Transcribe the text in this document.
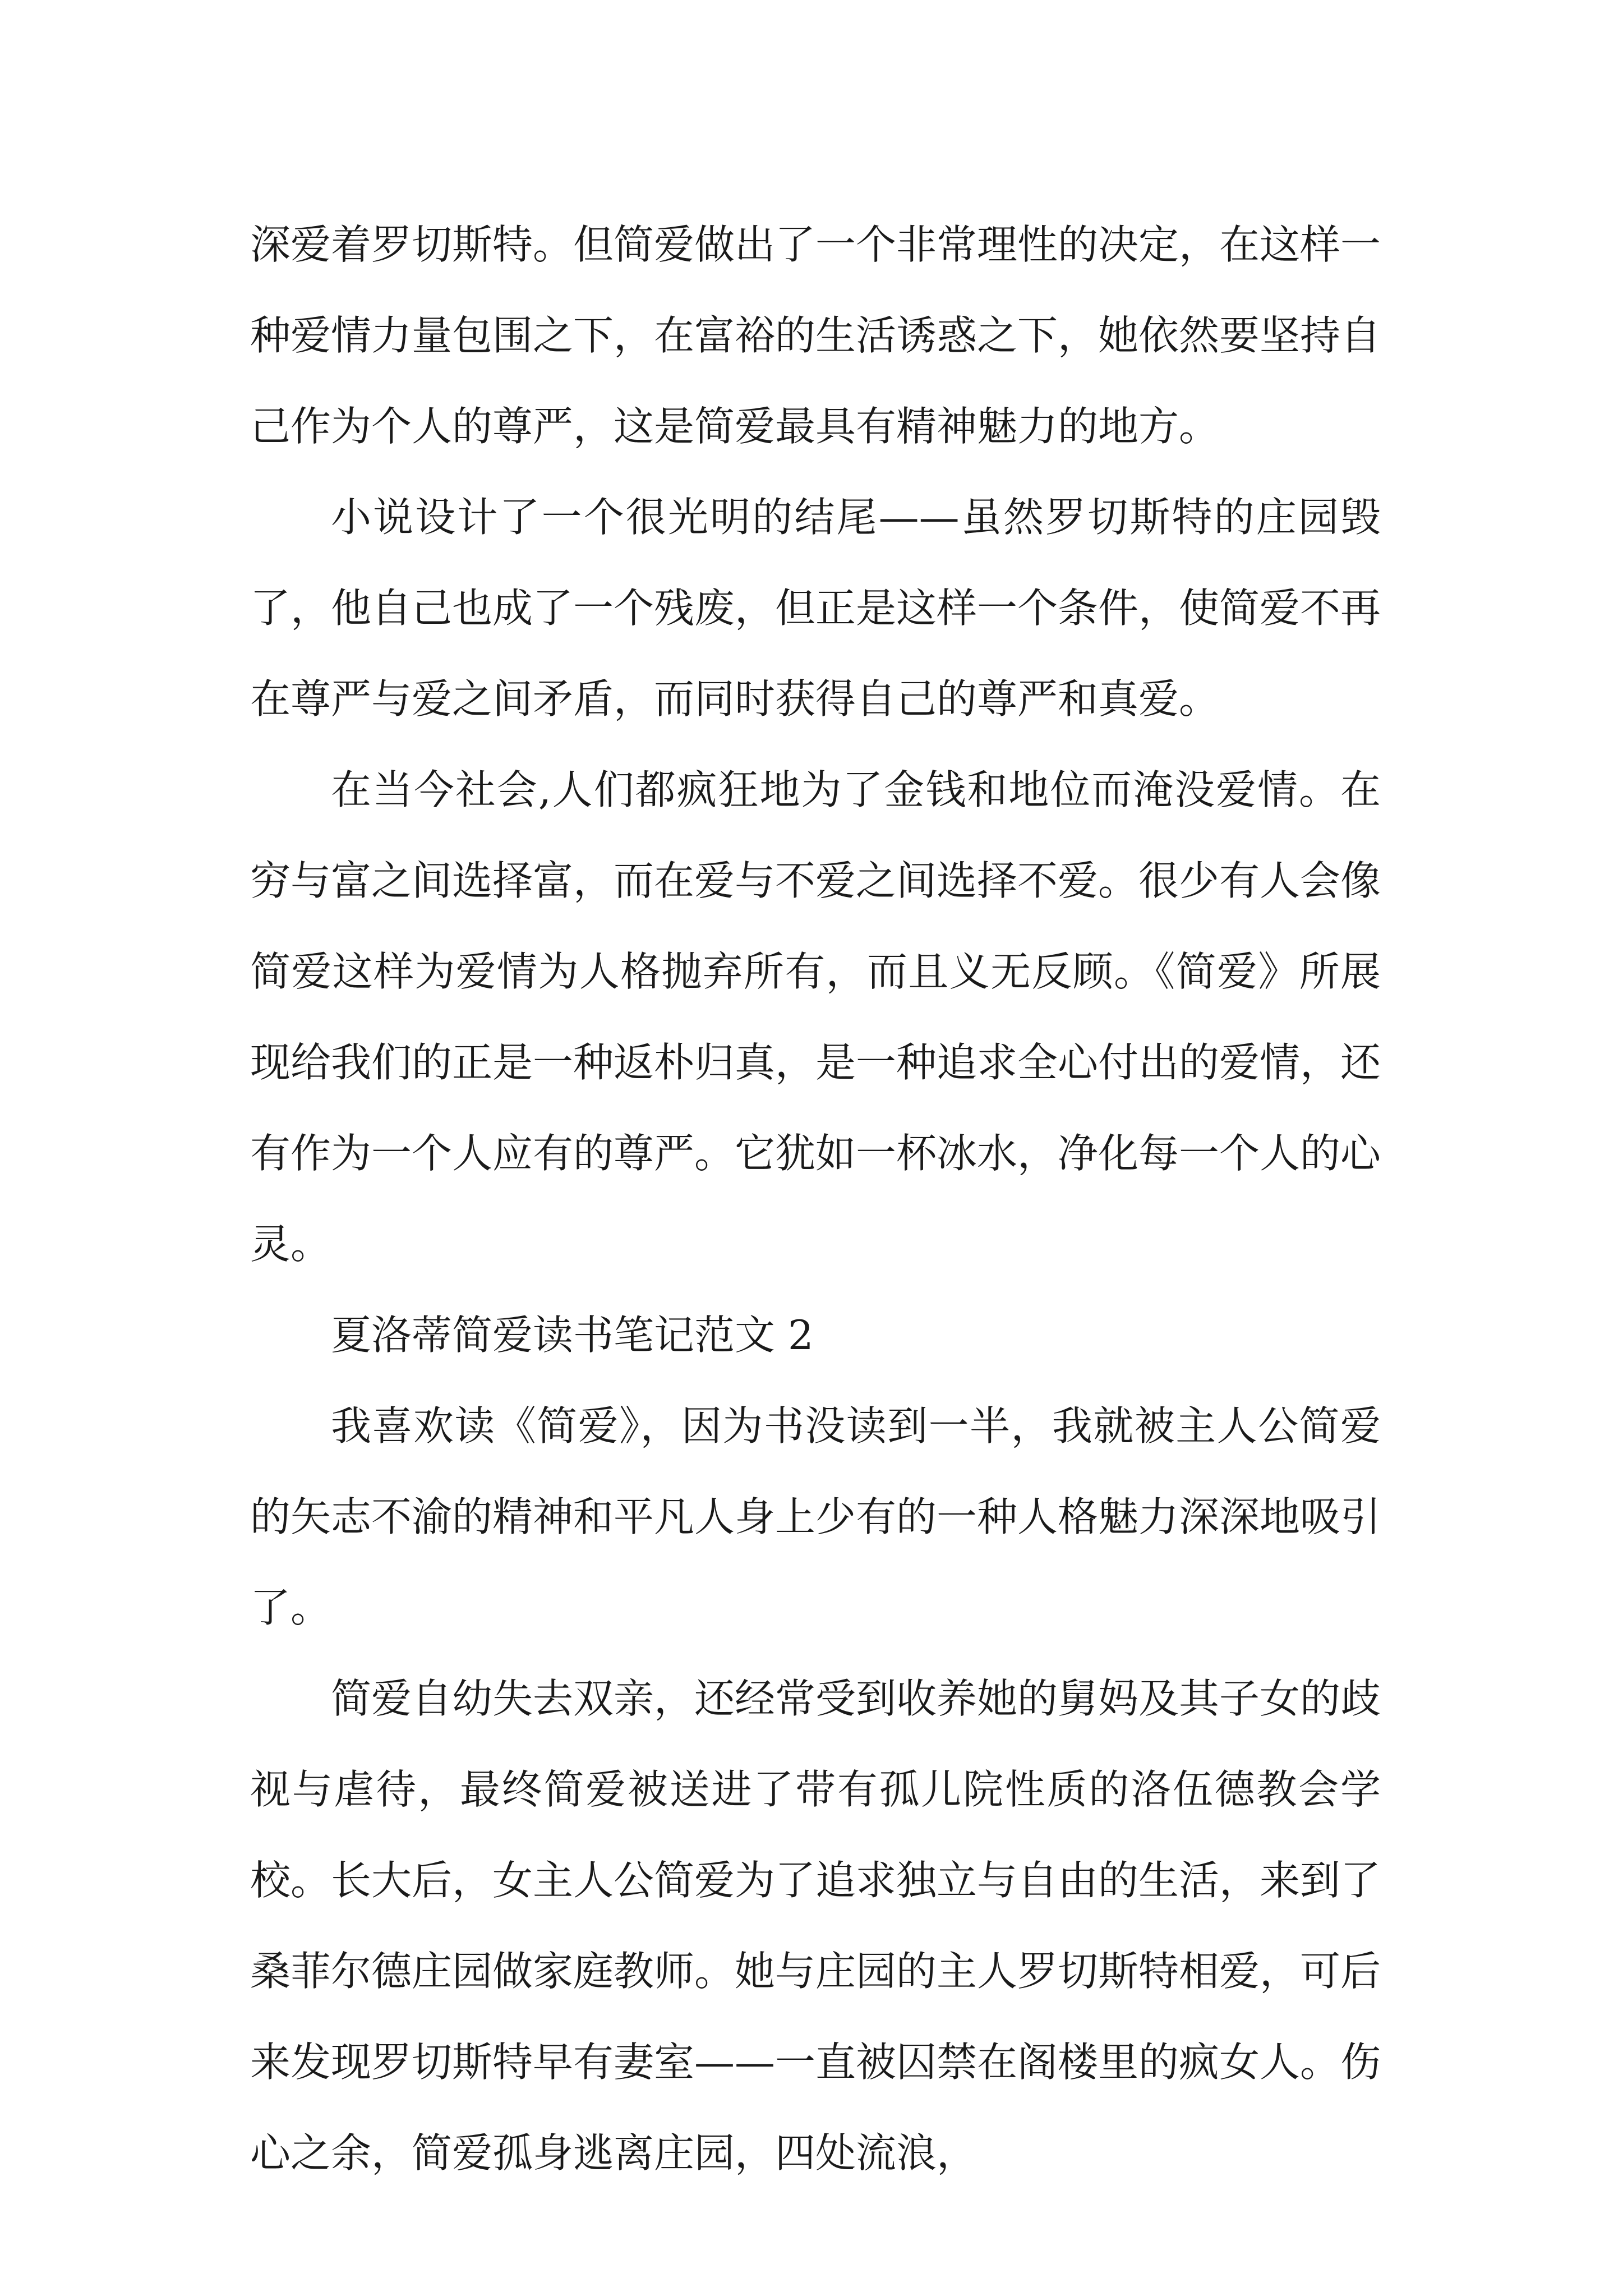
深爱着罗切斯特。但简爱做出了一个非常理性的决定，在这样一种爱情力量包围之下，在富裕的生活诱惑之下，她依然要坚持自己作为个人的尊严，这是简爱最具有精神魅力的地方。

小说设计了一个很光明的结尾——虽然罗切斯特的庄园毁了，他自己也成了一个残废，但正是这样一个条件，使简爱不再在尊严与爱之间矛盾，而同时获得自己的尊严和真爱。

在当今社会,人们都疯狂地为了金钱和地位而淹没爱情。在穷与富之间选择富，而在爱与不爱之间选择不爱。很少有人会像简爱这样为爱情为人格抛弃所有，而且义无反顾。《简爱》所展现给我们的正是一种返朴归真，是一种追求全心付出的爱情，还有作为一个人应有的尊严。它犹如一杯冰水，净化每一个人的心灵。

夏洛蒂简爱读书笔记范文 2

我喜欢读《简爱》，因为书没读到一半，我就被主人公简爱的矢志不渝的精神和平凡人身上少有的一种人格魅力深深地吸引了。

简爱自幼失去双亲，还经常受到收养她的舅妈及其子女的歧视与虐待，最终简爱被送进了带有孤儿院性质的洛伍德教会学校。长大后，女主人公简爱为了追求独立与自由的生活，来到了桑菲尔德庄园做家庭教师。她与庄园的主人罗切斯特相爱，可后来发现罗切斯特早有妻室——一直被囚禁在阁楼里的疯女人。伤心之余，简爱孤身逃离庄园，四处流浪，
